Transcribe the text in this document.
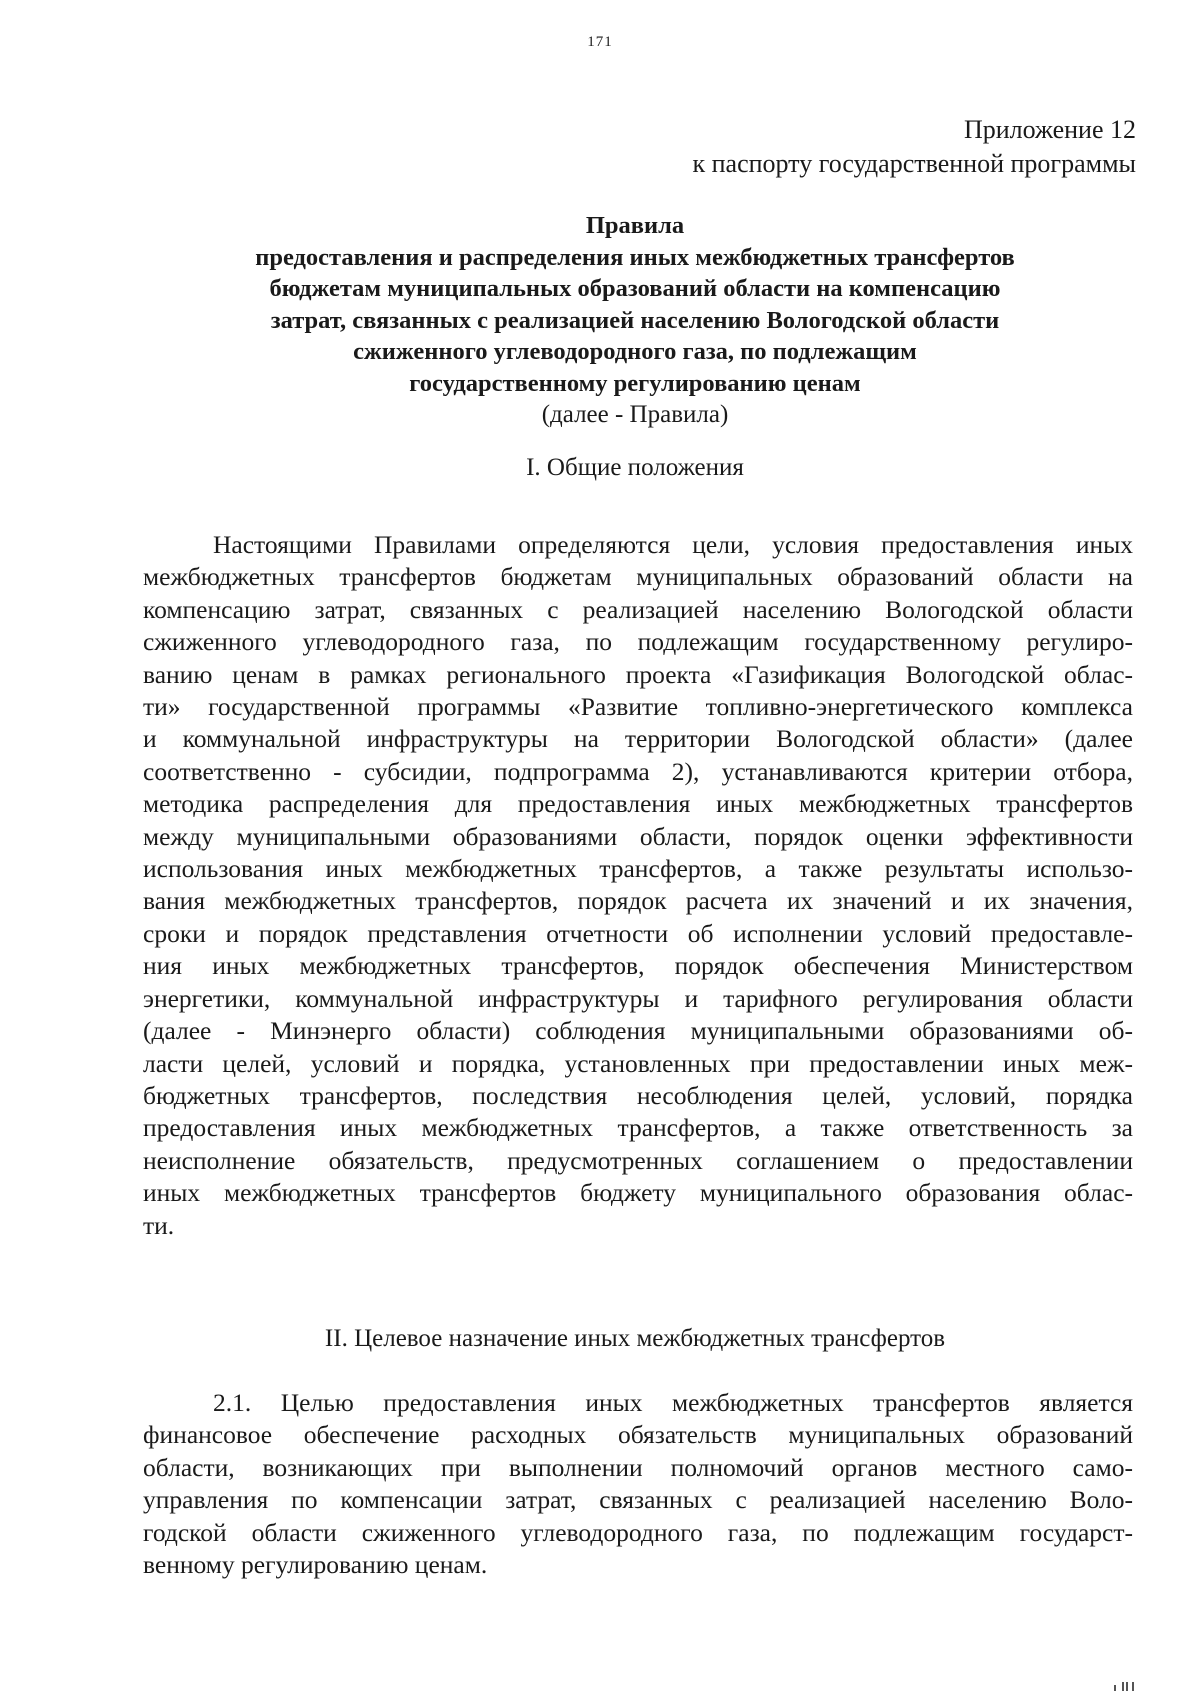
171
Приложение 12
к паспорту государственной программы
Правила
предоставления и распределения иных межбюджетных трансфертов
бюджетам муниципальных образований области на компенсацию
затрат, связанных с реализацией населению Вологодской области
сжиженного углеводородного газа, по подлежащим
государственному регулированию ценам
(далее - Правила)
I. Общие положения
Настоящими Правилами определяются цели, условия предоставления иных
межбюджетных трансфертов бюджетам муниципальных образований области на
компенсацию затрат, связанных с реализацией населению Вологодской области
сжиженного углеводородного газа, по подлежащим государственному регулиро-
ванию ценам в рамках регионального проекта «Газификация Вологодской облас-
ти» государственной программы «Развитие топливно-энергетического комплекса
и коммунальной инфраструктуры на территории Вологодской области» (далее
соответственно - субсидии, подпрограмма 2), устанавливаются критерии отбора,
методика распределения для предоставления иных межбюджетных трансфертов
между муниципальными образованиями области, порядок оценки эффективности
использования иных межбюджетных трансфертов, а также результаты использо-
вания межбюджетных трансфертов, порядок расчета их значений и их значения,
сроки и порядок представления отчетности об исполнении условий предоставле-
ния иных межбюджетных трансфертов, порядок обеспечения Министерством
энергетики, коммунальной инфраструктуры и тарифного регулирования области
(далее - Минэнерго области) соблюдения муниципальными образованиями об-
ласти целей, условий и порядка, установленных при предоставлении иных меж-
бюджетных трансфертов, последствия несоблюдения целей, условий, порядка
предоставления иных межбюджетных трансфертов, а также ответственность за
неисполнение обязательств, предусмотренных соглашением о предоставлении
иных межбюджетных трансфертов бюджету муниципального образования облас-
ти.
II. Целевое назначение иных межбюджетных трансфертов
2.1. Целью предоставления иных межбюджетных трансфертов является
финансовое обеспечение расходных обязательств муниципальных образований
области, возникающих при выполнении полномочий органов местного само-
управления по компенсации затрат, связанных с реализацией населению Воло-
годской области сжиженного углеводородного газа, по подлежащим государст-
венному регулированию ценам.
